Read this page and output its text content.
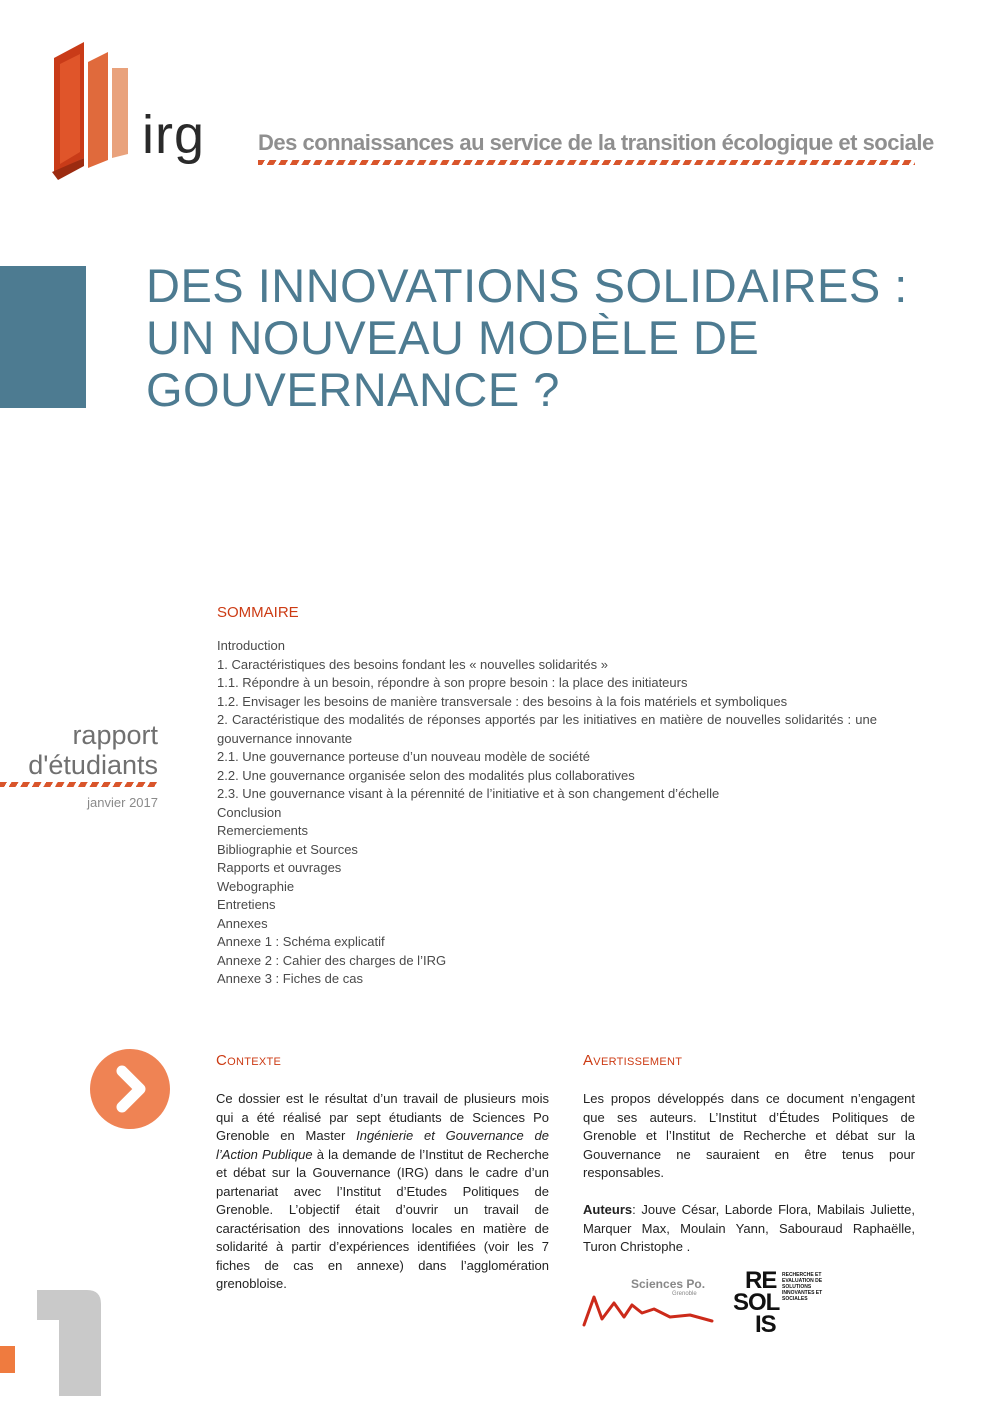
irg Des connaissances au service de la transition écologique et sociale
DES INNOVATIONS SOLIDAIRES :
UN NOUVEAU MODÈLE DE
GOUVERNANCE ?
rapport
d'étudiants
janvier 2017
SOMMAIRE
Introduction
1. Caractéristiques des besoins fondant les « nouvelles solidarités »
1.1. Répondre à un besoin, répondre à son propre besoin : la place des initiateurs
1.2. Envisager les besoins de manière transversale : des besoins à la fois matériels et symboliques
2. Caractéristique des modalités de réponses apportés par les initiatives en matière de nouvelles solidarités : une gouvernance innovante
2.1. Une gouvernance porteuse d’un nouveau modèle de société
2.2. Une gouvernance organisée selon des modalités plus collaboratives
2.3. Une gouvernance visant à la pérennité de l’initiative et à son changement d’échelle
Conclusion
Remerciements
Bibliographie et Sources
Rapports et ouvrages
Webographie
Entretiens
Annexes
Annexe 1 : Schéma explicatif
Annexe 2 : Cahier des charges de l’IRG
Annexe 3 : Fiches de cas
Contexte
Ce dossier est le résultat d’un travail de plusieurs mois qui a été réalisé par sept étudiants de Sciences Po Grenoble en Master Ingénierie et Gouvernance de l’Action Publique à la demande de l’Institut de Recherche et débat sur la Gouvernance (IRG) dans le cadre d’un partenariat avec l’Institut d’Etudes Politiques de Grenoble. L’objectif était d’ouvrir un travail de caractérisation des innovations locales en matière de solidarité à partir d’expériences identifiées (voir les 7 fiches de cas en annexe) dans l’agglomération grenobloise.
Avertissement
Les propos développés dans ce document n’engagent que ses auteurs. L’Institut d’Études Politiques de Grenoble et l’Institut de Recherche et débat sur la Gouvernance ne sauraient en être tenus pour responsables.
Auteurs: Jouve César, Laborde Flora, Mabilais Juliette, Marquer Max, Moulain Yann, Sabouraud Raphaëlle, Turon Christophe .
Sciences Po.
Grenoble RE
SOL
IS
RECHERCHE ET EVALUATION DE SOLUTIONS INNOVANTES ET SOCIALES
